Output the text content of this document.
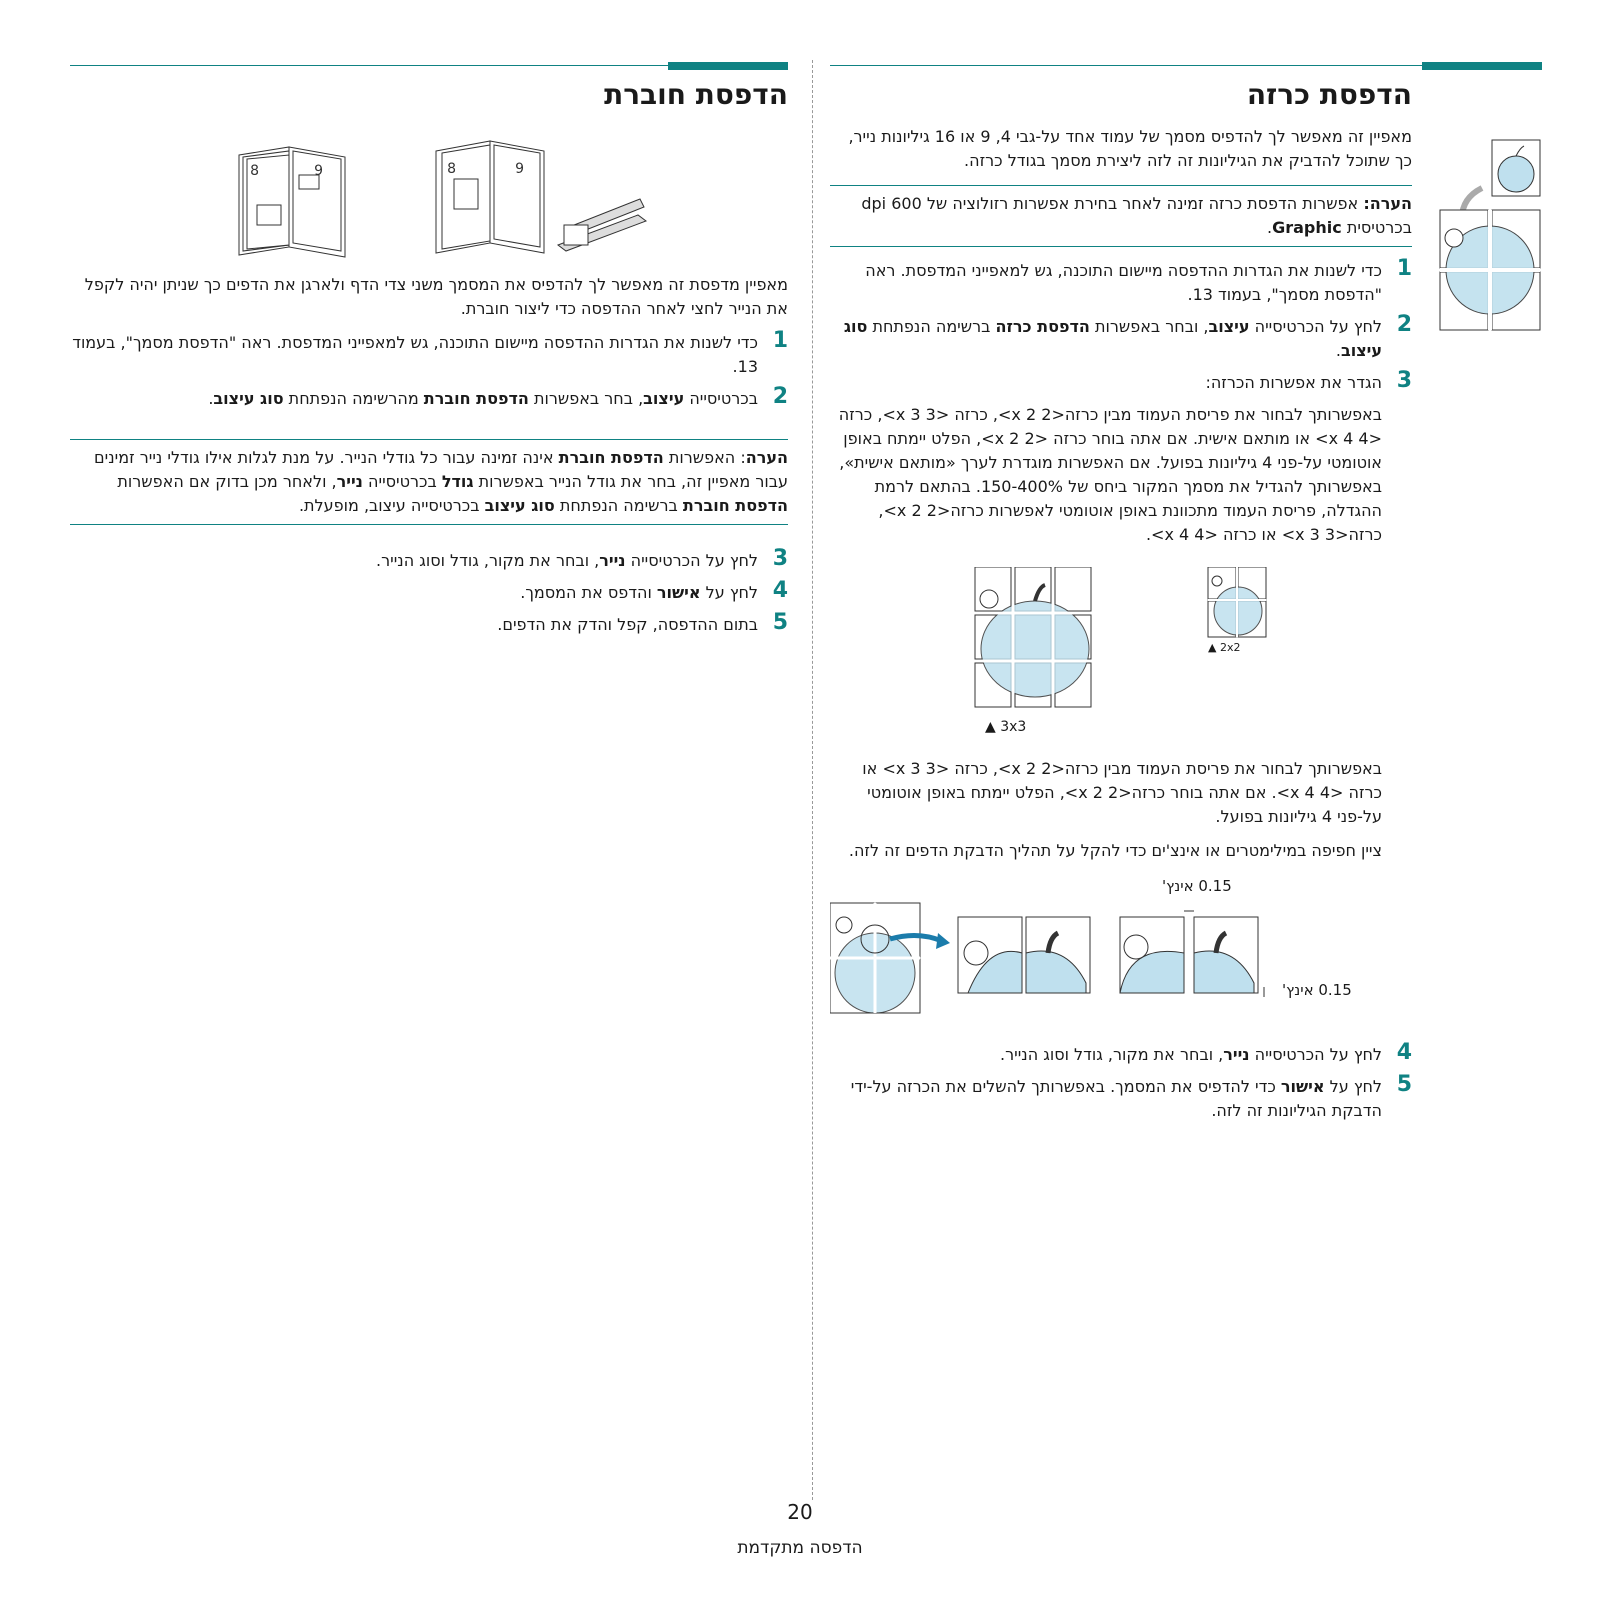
הדפסת כרזה

מאפיין זה מאפשר לך להדפיס מסמך של עמוד אחד על-גבי 4, 9 או 16 גיליונות נייר, כך שתוכל להדביק את הגיליונות זה לזה ליצירת מסמך בגודל כרזה.

הערה: אפשרות הדפסת כרזה זמינה לאחר בחירת אפשרות רזולוציה של 600 dpi בכרטיסית Graphic.
1
כדי לשנות את הגדרות ההדפסה מיישום התוכנה, גש למאפייני המדפסת. ראה "הדפסת מסמך", בעמוד 13.
2
לחץ על הכרטיסייה עיצוב, ובחר באפשרות הדפסת כרזה ברשימה הנפתחת סוג עיצוב.
3
הגדר את אפשרות הכרזה:

באפשרותך לבחור את פריסת העמוד מבין כרזה<2 x 2>, כרזה <3 x 3>, כרזה <4 x 4> או מותאם אישית. אם אתה בוחר כרזה <2 x 2>, הפלט יימתח באופן אוטומטי על-פני 4 גיליונות בפועל. אם האפשרות מוגדרת לערך «מותאם אישית», באפשרותך להגדיל את מסמך המקור ביחס של 150-400%. בהתאם לרמת ההגדלה, פריסת העמוד מתכוונת באופן אוטומטי לאפשרות כרזה<2 x 2>, כרזה<3 x 3> או כרזה <4 x 4>.

▲ 2x2
▲ 3x3

באפשרותך לבחור את פריסת העמוד מבין כרזה<2 x 2>, כרזה <3 x 3> או כרזה <4 x 4>. אם אתה בוחר כרזה<2 x 2>, הפלט יימתח באופן אוטומטי על-פני 4 גיליונות בפועל.

ציין חפיפה במילימטרים או אינצ'ים כדי להקל על תהליך הדבקת הדפים זה לזה.

0.15 אינץ'
0.15 אינץ'
4
לחץ על הכרטיסייה נייר, ובחר את מקור, גודל וסוג הנייר.
5
לחץ על אישור כדי להדפיס את המסמך. באפשרותך להשלים את הכרזה על-ידי הדבקת הגיליונות זה לזה.
הדפסת חוברת
8	9	8	9

מאפיין מדפסת זה מאפשר לך להדפיס את המסמך משני צדי הדף ולארגן את הדפים כך שניתן יהיה לקפל את הנייר לחצי לאחר ההדפסה כדי ליצור חוברת.

1
כדי לשנות את הגדרות ההדפסה מיישום התוכנה, גש למאפייני המדפסת. ראה "הדפסת מסמך", בעמוד 13.
2
בכרטיסייה עיצוב, בחר באפשרות הדפסת חוברת מהרשימה הנפתחת סוג עיצוב.
הערה: האפשרות הדפסת חוברת אינה זמינה עבור כל גודלי הנייר. על מנת לגלות אילו גודלי נייר זמינים עבור מאפיין זה, בחר את גודל הנייר באפשרות גודל בכרטיסייה נייר, ולאחר מכן בדוק אם האפשרות הדפסת חוברת ברשימה הנפתחת סוג עיצוב בכרטיסייה עיצוב, מופעלת.
3
לחץ על הכרטיסייה נייר, ובחר את מקור, גודל וסוג הנייר.
4
לחץ על אישור והדפס את המסמך.
5
בתום ההדפסה, קפל והדק את הדפים.
20
הדפסה מתקדמת
